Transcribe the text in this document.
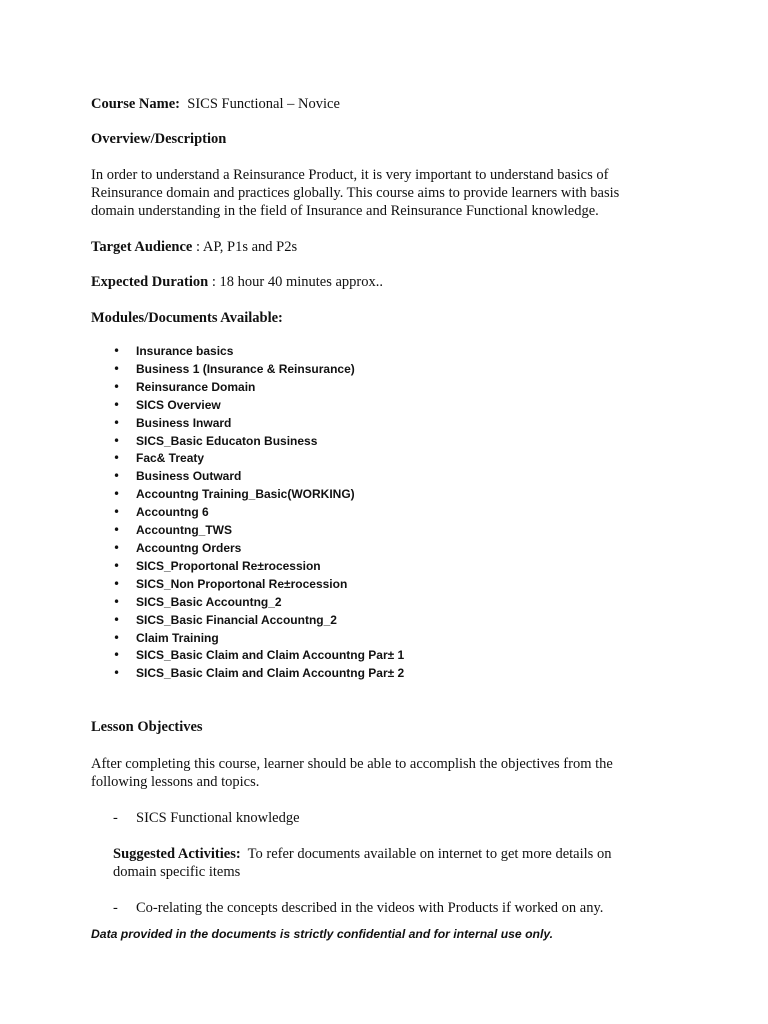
Course Name: SICS Functional – Novice
Overview/Description
In order to understand a Reinsurance Product, it is very important to understand basics of
Reinsurance domain and practices globally. This course aims to provide learners with basis
domain understanding in the field of Insurance and Reinsurance Functional knowledge.
Target Audience : AP, P1s and P2s
Expected Duration : 18 hour 40 minutes approx..
Modules/Documents Available:
• Insurance basics
• Business 1 (Insurance & Reinsurance)
• Reinsurance Domain
• SICS Overview
• Business Inward
• SICS_Basic Educaton Business
• Fac& Treaty
• Business Outward
• Accountng Training_Basic(WORKING)
• Accountng 6
• Accountng_TWS
• Accountng Orders
• SICS_Proportonal Re±rocession
• SICS_Non Proportonal Re±rocession
• SICS_Basic Accountng_2
• SICS_Basic Financial Accountng_2
• Claim Training
• SICS_Basic Claim and Claim Accountng Par± 1
• SICS_Basic Claim and Claim Accountng Par± 2
Lesson Objectives
After completing this course, learner should be able to accomplish the objectives from the
following lessons and topics.
- SICS Functional knowledge
Suggested Activities: To refer documents available on internet to get more details on
domain specific items
- Co-relating the concepts described in the videos with Products if worked on any.
Data provided in the documents is strictly confidential and for internal use only.
